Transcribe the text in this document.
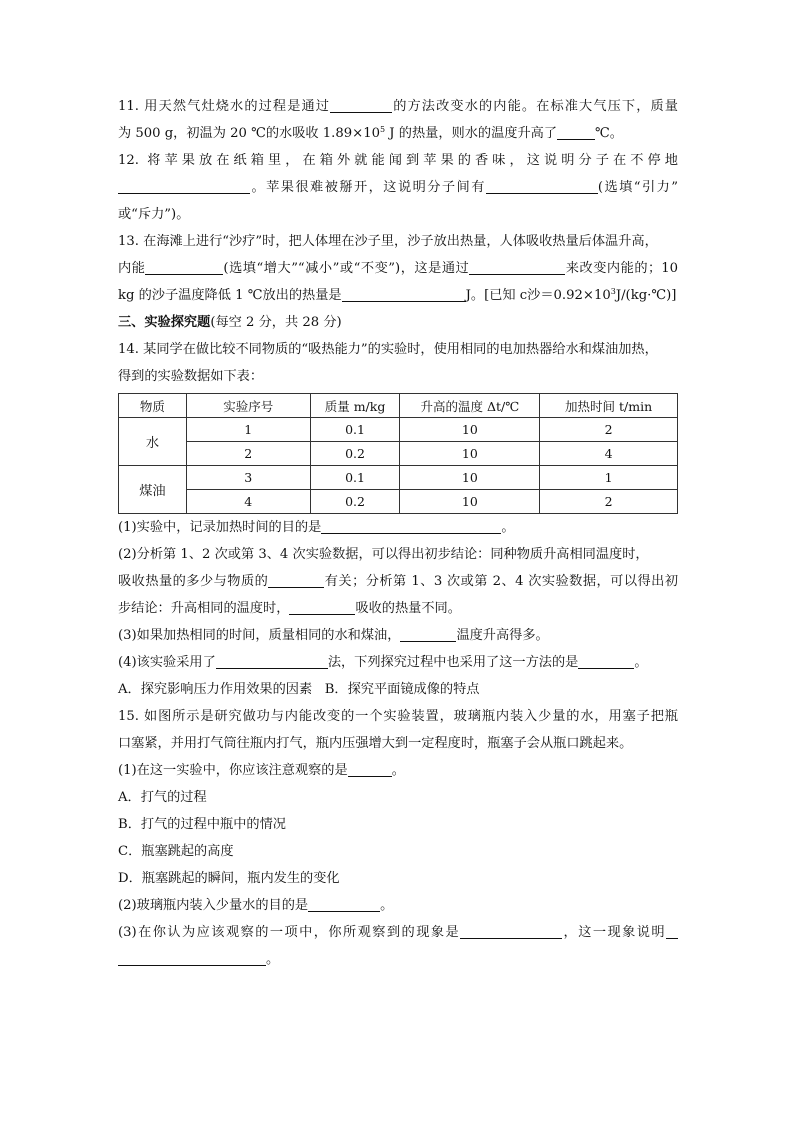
11. 用天然气灶烧水的过程是通过	的方法改变水的内能。在标准大气压下，质量
为 500 g，初温为 20 ℃的水吸收 $1.89\times 10^5$ J 的热量，则水的温度升高了	℃。
12. 将苹果放在纸箱里，在箱外就能闻到苹果的香味，这说明分子在不停地
。苹果很难被掰开，这说明分子间有	(选填“引力”
或“斥力”)。
13. 在海滩上进行“沙疗”时，把人体埋在沙子里，沙子放出热量，人体吸收热量后体温升高，
内能	(选填“增大”“减小”或“不变”)，这是通过	来改变内能的；10
kg 的沙子温度降低 1 ℃放出的热量是	J。[已知 c沙$=0.92\times 10^3J/(kg\cdot℃)$]
三、实验探究题(每空 2 分，共 28 分)
14. 某同学在做比较不同物质的“吸热能力”的实验时，使用相同的电加热器给水和煤油加热，
得到的实验数据如下表：
物质	实验序号	质量 m/kg	升高的温度 Δt/℃	加热时间 t/min
水	1	0.1	10	2
	2	0.2	10	4
煤油	3	0.1	10	1
	4	0.2	10	2
(1)实验中，记录加热时间的目的是	。
(2)分析第 1、2 次或第 3、4 次实验数据，可以得出初步结论：同种物质升高相同温度时，
吸收热量的多少与物质的	有关；分析第 1、3 次或第 2、4 次实验数据，可以得出初
步结论：升高相同的温度时，	吸收的热量不同。
(3)如果加热相同的时间，质量相同的水和煤油，	温度升高得多。
(4)该实验采用了	法，下列探究过程中也采用了这一方法的是	。
A．探究影响压力作用效果的因素 B．探究平面镜成像的特点
15. 如图所示是研究做功与内能改变的一个实验装置，玻璃瓶内装入少量的水，用塞子把瓶
口塞紧，并用打气筒往瓶内打气，瓶内压强增大到一定程度时，瓶塞子会从瓶口跳起来。
(1)在这一实验中，你应该注意观察的是	。
A．打气的过程
B．打气的过程中瓶中的情况
C．瓶塞跳起的高度
D．瓶塞跳起的瞬间，瓶内发生的变化
(2)玻璃瓶内装入少量水的目的是	。
(3)在你认为应该观察的一项中，你所观察到的现象是	，这一现象说明
。
